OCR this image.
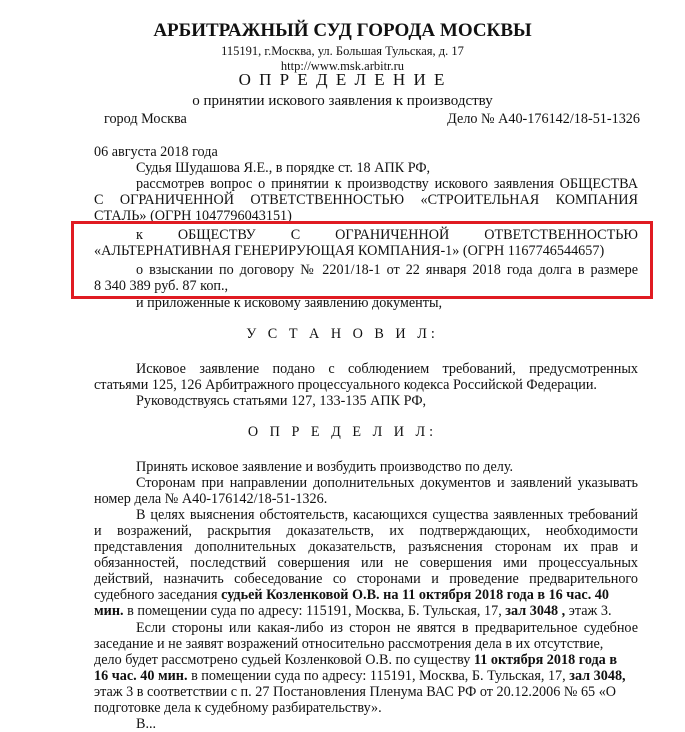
АРБИТРАЖНЫЙ СУД ГОРОДА МОСКВЫ
115191, г.Москва, ул. Большая Тульская, д. 17
http://www.msk.arbitr.ru
О П Р Е Д Е Л Е Н И Е
о принятии искового заявления к производству
город Москва	Дело № А40-176142/18-51-1326
06 августа 2018 года
Судья Шудашова Я.Е., в порядке ст. 18 АПК РФ,
рассмотрев вопрос о принятии к производству искового заявления ОБЩЕСТВА
С ОГРАНИЧЕННОЙ ОТВЕТСТВЕННОСТЬЮ «СТРОИТЕЛЬНАЯ КОМПАНИЯ
СТАЛЬ» (ОГРН 1047796043151)
к ОБЩЕСТВУ С ОГРАНИЧЕННОЙ ОТВЕТСТВЕННОСТЬЮ
«АЛЬТЕРНАТИВНАЯ ГЕНЕРИРУЮЩАЯ КОМПАНИЯ-1» (ОГРН 1167746544657)
о взыскании по договору № 2201/18-1 от 22 января 2018 года долга в размере
8 340 389 руб. 87 коп.,
и приложенные к исковому заявлению документы,
У С Т А Н О В И Л:
Исковое заявление подано с соблюдением требований, предусмотренных
статьями 125, 126 Арбитражного процессуального кодекса Российской Федерации.
Руководствуясь статьями 127, 133-135 АПК РФ,
О П Р Е Д Е Л И Л:
Принять исковое заявление и возбудить производство по делу.
Сторонам при направлении дополнительных документов и заявлений указывать
номер дела № А40-176142/18-51-1326.
В целях выяснения обстоятельств, касающихся существа заявленных требований
и возражений, раскрытия доказательств, их подтверждающих, необходимости
представления дополнительных доказательств, разъяснения сторонам их прав и
обязанностей, последствий совершения или не совершения ими процессуальных
действий, назначить собеседование со сторонами и проведение предварительного
судебного заседания судьей Козленковой О.В. на 11 октября 2018 года в 16 час. 40
мин. в помещении суда по адресу: 115191, Москва, Б. Тульская, 17, зал 3048 , этаж 3.
Если стороны или какая-либо из сторон не явятся в предварительное судебное
заседание и не заявят возражений относительно рассмотрения дела в их отсутствие,
дело будет рассмотрено судьей Козленковой О.В. по существу 11 октября 2018 года в
16 час. 40 мин. в помещении суда по адресу: 115191, Москва, Б. Тульская, 17, зал 3048,
этаж 3 в соответствии с п. 27 Постановления Пленума ВАС РФ от 20.12.2006 № 65 «О
подготовке дела к судебному разбирательству».
В...
